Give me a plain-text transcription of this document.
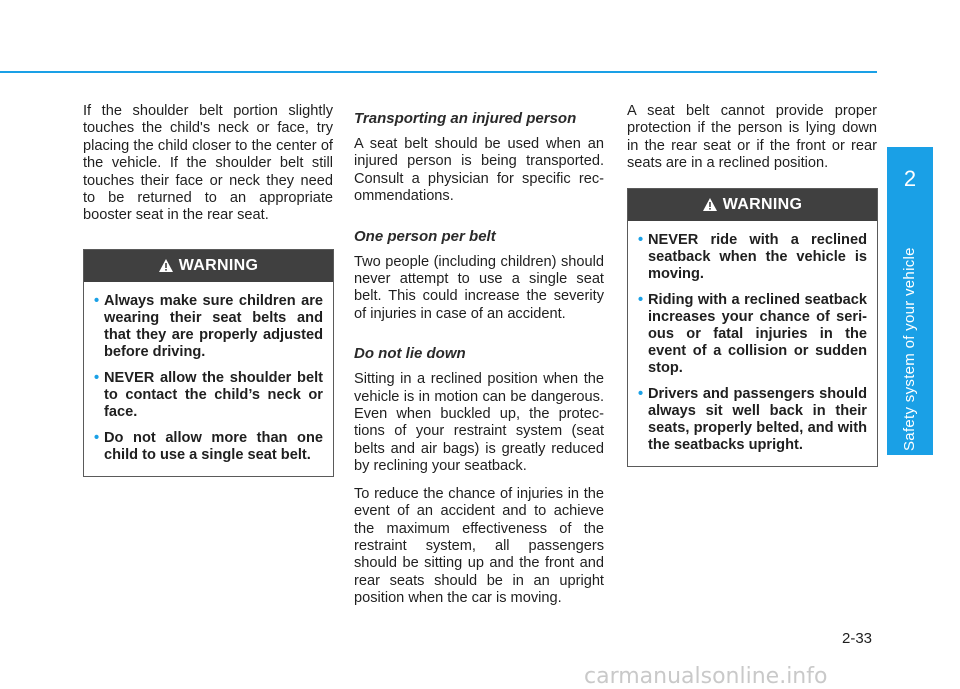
If the shoulder belt portion slightly touches the child's neck or face, try placing the child closer to the center of the vehicle. If the shoulder belt still touches their face or neck they need to be returned to an appropriate booster seat in the rear seat.

WARNING
• Always make sure children are wearing their seat belts and that they are properly adjusted before driving.
• NEVER allow the shoulder belt to contact the child’s neck or face.
• Do not allow more than one child to use a single seat belt.
Transporting an injured person

A seat belt should be used when an injured person is being transported. Consult a physician for specific rec-ommendations.

One person per belt

Two people (including children) should never attempt to use a single seat belt. This could increase the severity of injuries in case of an accident.

Do not lie down

Sitting in a reclined position when the vehicle is in motion can be dangerous. Even when buckled up, the protec-tions of your restraint system (seat belts and air bags) is greatly reduced by reclining your seatback.

To reduce the chance of injuries in the event of an accident and to achieve the maximum effectiveness of the restraint system, all passengers should be sitting up and the front and rear seats should be in an upright position when the car is moving.

A seat belt cannot provide proper protection if the person is lying down in the rear seat or if the front or rear seats are in a reclined position.

WARNING
• NEVER ride with a reclined seatback when the vehicle is moving.
• Riding with a reclined seatback increases your chance of seri-ous or fatal injuries in the event of a collision or sudden stop.
• Drivers and passengers should always sit well back in their seats, properly belted, and with the seatbacks upright.
2
Safety system of your vehicle
2-33
carmanualsonline.info
